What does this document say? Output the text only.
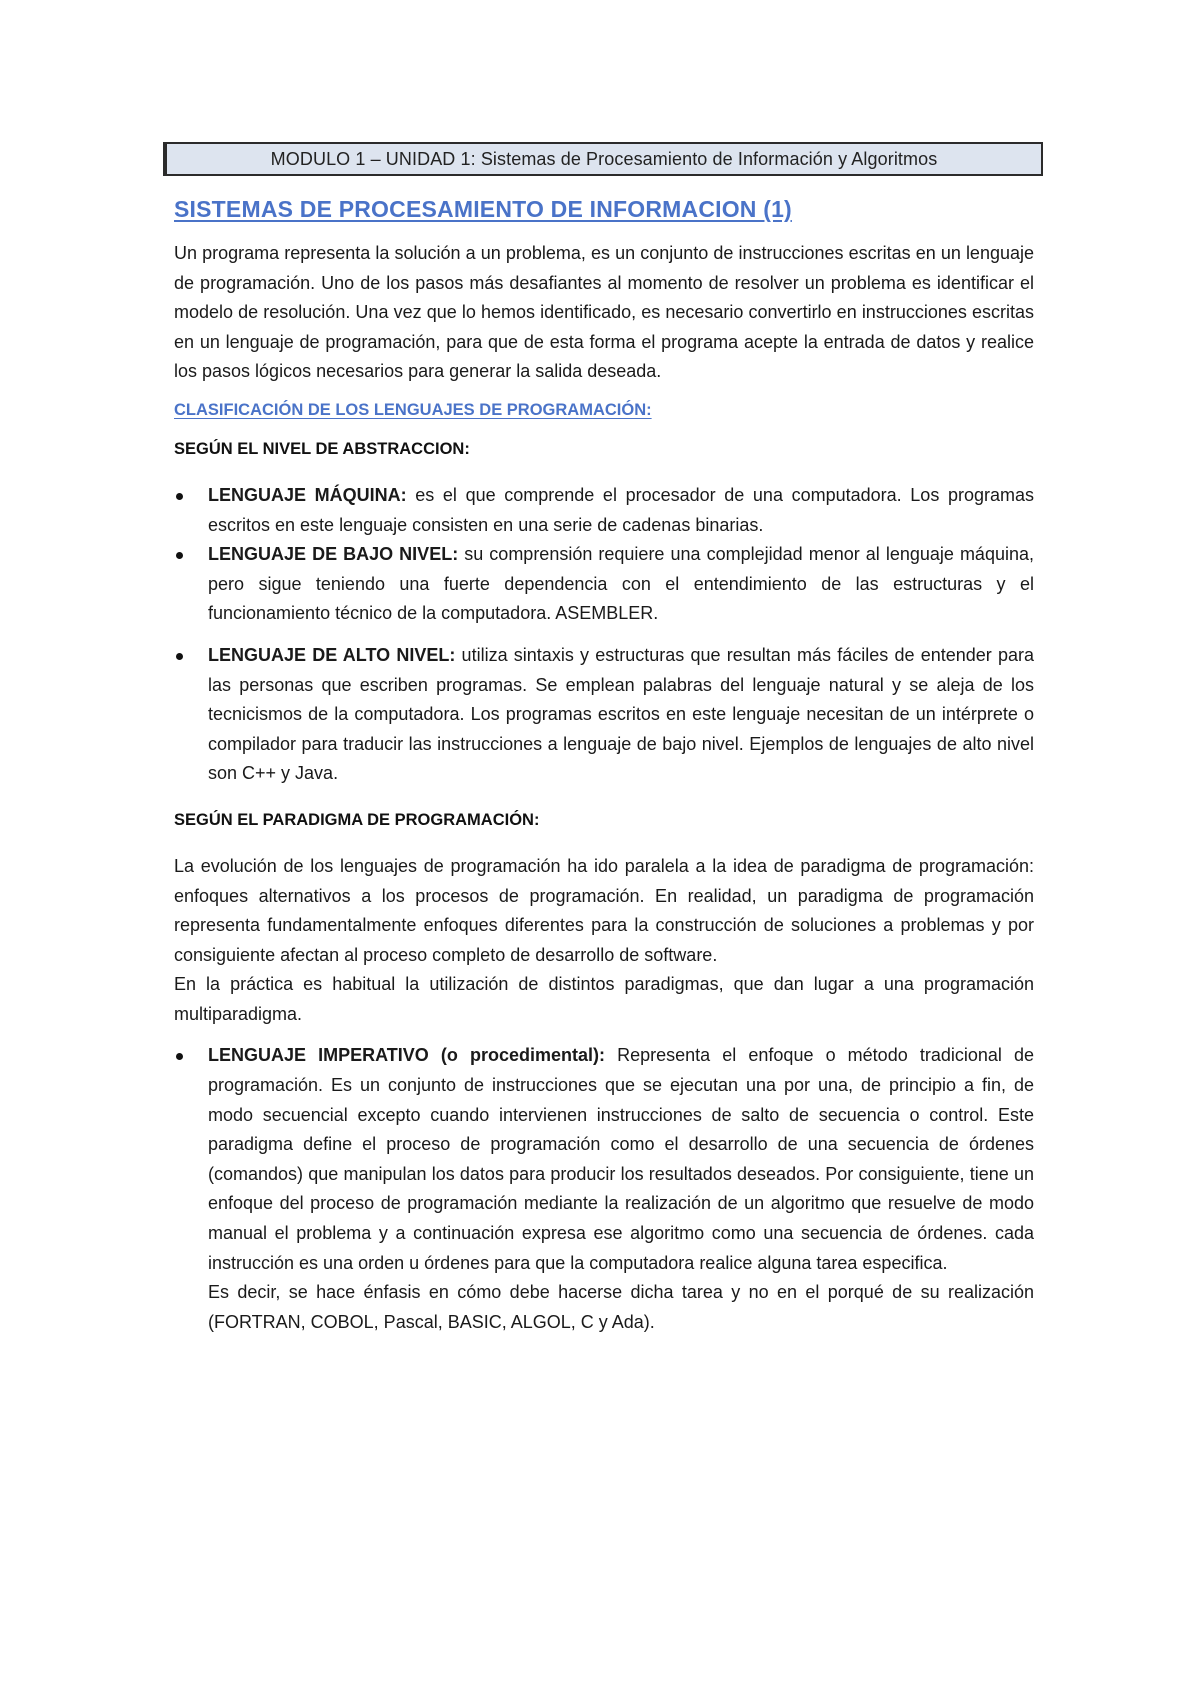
MODULO 1 – UNIDAD 1: Sistemas de Procesamiento de Información y Algoritmos
SISTEMAS DE PROCESAMIENTO DE INFORMACION (1)

Un programa representa la solución a un problema, es un conjunto de instrucciones escritas en un lenguaje de programación. Uno de los pasos más desafiantes al momento de resolver un problema es identificar el modelo de resolución. Una vez que lo hemos identificado, es necesario convertirlo en instrucciones escritas en un lenguaje de programación, para que de esta forma el programa acepte la entrada de datos y realice los pasos lógicos necesarios para generar la salida deseada.

CLASIFICACIÓN DE LOS LENGUAJES DE PROGRAMACIÓN:
SEGÚN EL NIVEL DE ABSTRACCION:
LENGUAJE MÁQUINA: es el que comprende el procesador de una computadora. Los programas escritos en este lenguaje consisten en una serie de cadenas binarias.
LENGUAJE DE BAJO NIVEL: su comprensión requiere una complejidad menor al lenguaje máquina, pero sigue teniendo una fuerte dependencia con el entendimiento de las estructuras y el funcionamiento técnico de la computadora. ASEMBLER.
LENGUAJE DE ALTO NIVEL: utiliza sintaxis y estructuras que resultan más fáciles de entender para las personas que escriben programas. Se emplean palabras del lenguaje natural y se aleja de los tecnicismos de la computadora. Los programas escritos en este lenguaje necesitan de un intérprete o compilador para traducir las instrucciones a lenguaje de bajo nivel. Ejemplos de lenguajes de alto nivel son C++ y Java.
SEGÚN EL PARADIGMA DE PROGRAMACIÓN:

La evolución de los lenguajes de programación ha ido paralela a la idea de paradigma de programación: enfoques alternativos a los procesos de programación. En realidad, un paradigma de programación representa fundamentalmente enfoques diferentes para la construcción de soluciones a problemas y por consiguiente afectan al proceso completo de desarrollo de software.

En la práctica es habitual la utilización de distintos paradigmas, que dan lugar a una programación multiparadigma.

LENGUAJE IMPERATIVO (o procedimental): Representa el enfoque o método tradicional de programación. Es un conjunto de instrucciones que se ejecutan una por una, de principio a fin, de modo secuencial excepto cuando intervienen instrucciones de salto de secuencia o control. Este paradigma define el proceso de programación como el desarrollo de una secuencia de órdenes (comandos) que manipulan los datos para producir los resultados deseados. Por consiguiente, tiene un enfoque del proceso de programación mediante la realización de un algoritmo que resuelve de modo manual el problema y a continuación expresa ese algoritmo como una secuencia de órdenes. cada instrucción es una orden u órdenes para que la computadora realice alguna tarea especifica.
Es decir, se hace énfasis en cómo debe hacerse dicha tarea y no en el porqué de su realización (FORTRAN, COBOL, Pascal, BASIC, ALGOL, C y Ada).
